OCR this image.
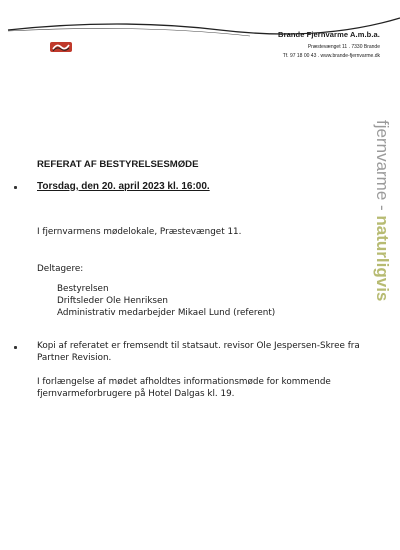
Brande Fjernvarme A.m.b.a.
Præstevænget 11 . 7330 Brande
Tf. 97 18 00 43 . www.brande-fjernvarme.dk
fjernvarme - naturligvis
REFERAT AF BESTYRELSESMØDE
Torsdag, den 20. april 2023 kl. 16:00.
I fjernvarmens mødelokale, Præstevænget 11.
Deltagere:
Bestyrelsen
Driftsleder Ole Henriksen
Administrativ medarbejder Mikael Lund (referent)
Kopi af referatet er fremsendt til statsaut. revisor Ole Jespersen-Skree fra Partner Revision.
I forlængelse af mødet afholdtes informationsmøde for kommende fjernvarmeforbrugere på Hotel Dalgas kl. 19.
